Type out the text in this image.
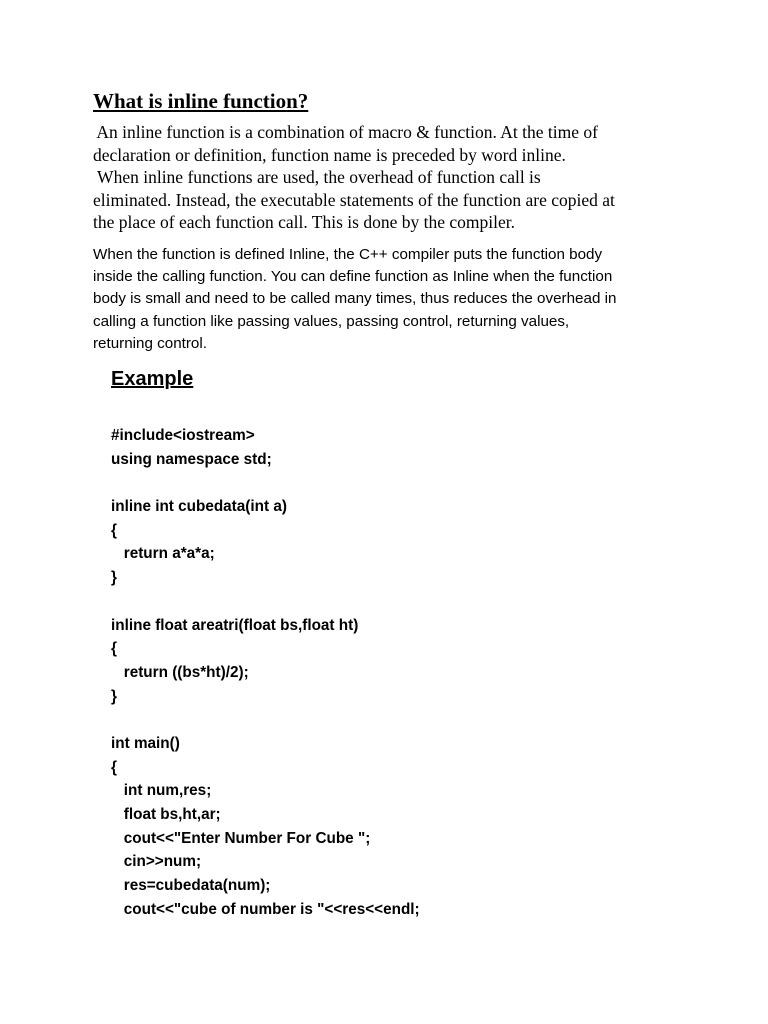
What is inline function?

An inline function is a combination of macro & function. At the time of
declaration or definition, function name is preceded by word inline.
When inline functions are used, the overhead of function call is
eliminated. Instead, the executable statements of the function are copied at
the place of each function call. This is done by the compiler.

When the function is defined Inline, the C++ compiler puts the function body
inside the calling function. You can define function as Inline when the function
body is small and need to be called many times, thus reduces the overhead in
calling a function like passing values, passing control, returning values,
returning control.

Example
#include<iostream>
using namespace std;
inline int cubedata(int a)
{
return a*a*a;
}
inline float areatri(float bs,float ht)
{
return ((bs*ht)/2);
}
int main()
{
int num,res;
float bs,ht,ar;
cout<<"Enter Number For Cube ";
cin>>num;
res=cubedata(num);
cout<<"cube of number is "<<res<<endl;
